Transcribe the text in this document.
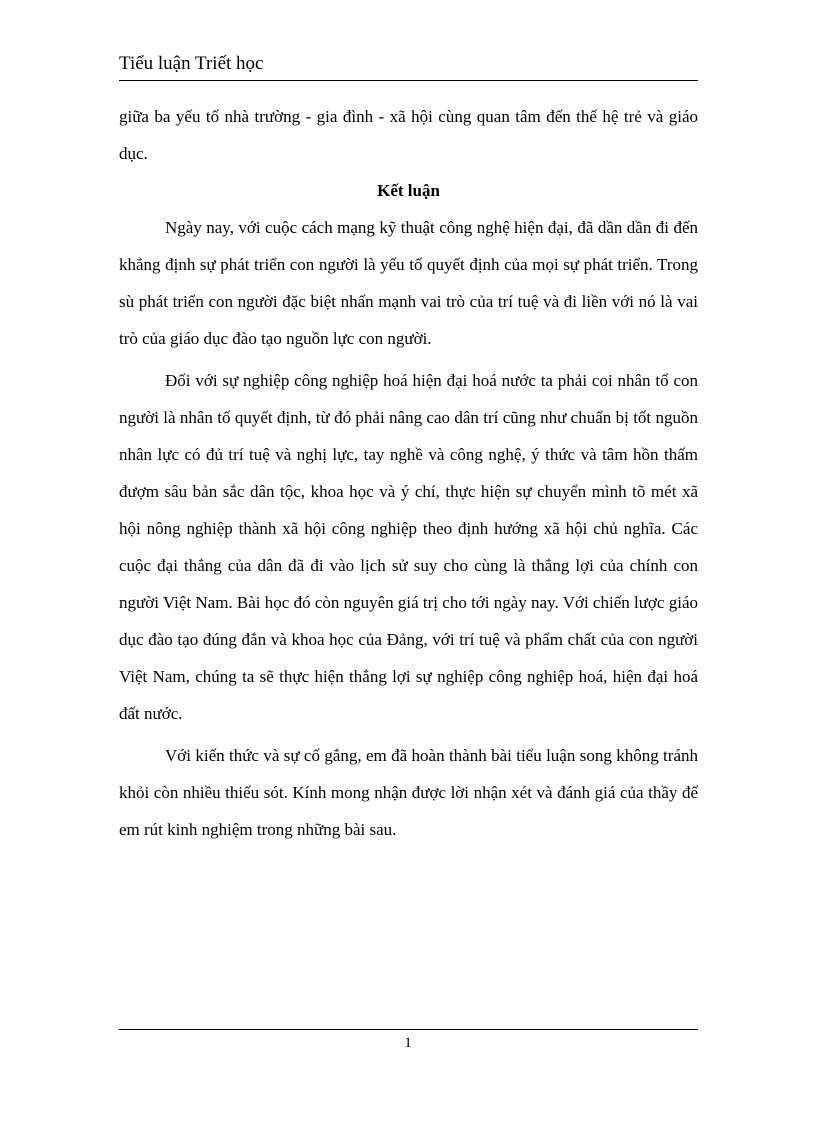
Tiểu luận Triết học

giữa ba yếu tố nhà trường - gia đình - xã hội cùng quan tâm đến thế hệ trẻ và giáo dục.

Kết luận

Ngày nay, với cuộc cách mạng kỹ thuật công nghệ hiện đại, đã dần dần đi đến khẳng định sự phát triển con người là yếu tố quyết định của mọi sự phát triển. Trong sù phát triển con người đặc biệt nhấn mạnh vai trò của trí tuệ và đi liền với nó là vai trò của giáo dục đào tạo nguồn lực con người.

Đối với sự nghiệp công nghiệp hoá hiện đại hoá nước ta phải coi nhân tố con người là nhân tố quyết định, từ đó phải nâng cao dân trí cũng như chuẩn bị tốt nguồn nhân lực có đủ trí tuệ và nghị lực, tay nghề và công nghệ, ý thức và tâm hồn thấm đượm sâu bản sắc dân tộc, khoa học và ý chí, thực hiện sự chuyển mình tõ mét xã hội nông nghiệp thành xã hội công nghiệp theo định hướng xã hội chủ nghĩa. Các cuộc đại thắng của dân đã đi vào lịch sử suy cho cùng là thắng lợi của chính con người Việt Nam. Bài học đó còn nguyên giá trị cho tới ngày nay. Với chiến lược giáo dục đào tạo đúng đắn và khoa học của Đảng, với trí tuệ và phẩm chất của con người Việt Nam, chúng ta sẽ thực hiện thắng lợi sự nghiệp công nghiệp hoá, hiện đại hoá đất nước.

Với kiến thức và sự cố gắng, em đã hoàn thành bài tiểu luận song không tránh khỏi còn nhiều thiếu sót. Kính mong nhận được lời nhận xét và đánh giá của thầy để em rút kinh nghiệm trong những bài sau.

1
